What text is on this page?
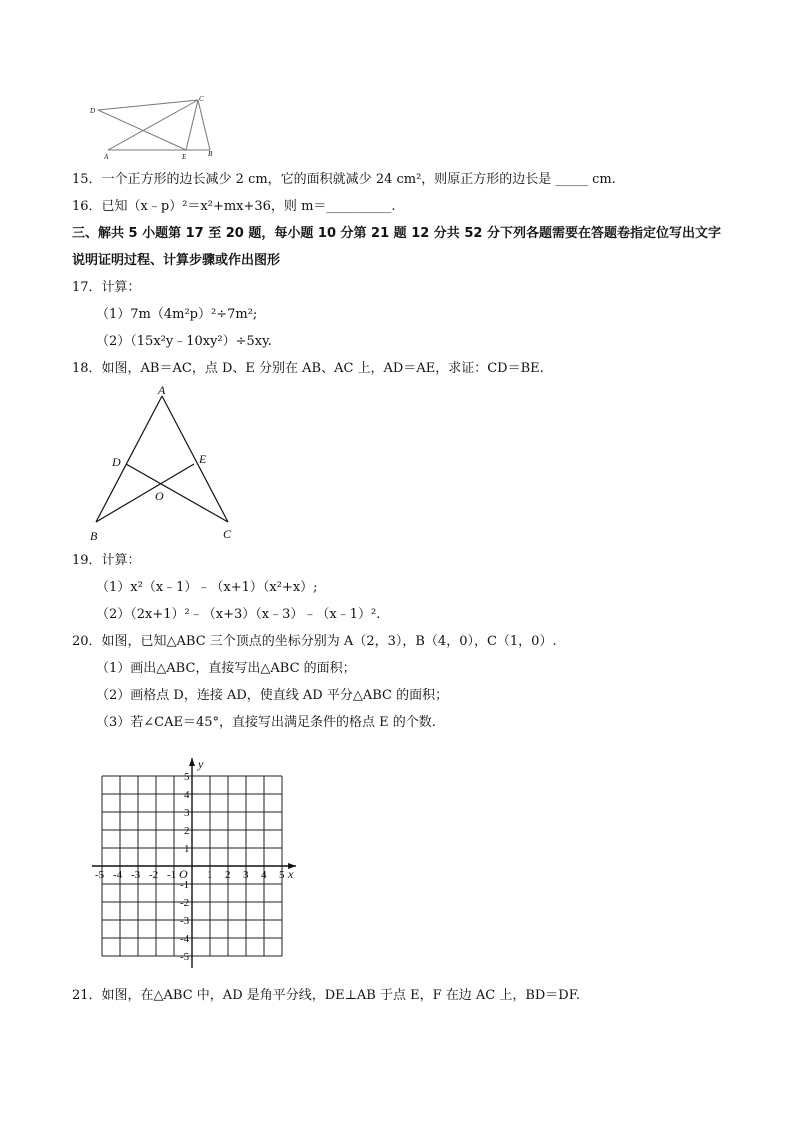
D
C
A	E	B
15．一个正方形的边长减少 2 cm，它的面积就减少 24 cm²，则原正方形的边长是 _____ cm.
16．已知（x﹣p）²＝x²+mx+36，则 m＝__________.
三、解共 5 小题第 17 至 20 题，每小题 10 分第 21 题 12 分共 52 分下列各题需要在答题卷指定位写出文字
说明证明过程、计算步骤或作出图形
17．计算：
（1）7m（4m²p）²÷7m²;
（2）（15x²y﹣10xy²）÷5xy.
18．如图，AB＝AC，点 D、E 分别在 AB、AC 上，AD＝AE，求证：CD＝BE.
A
D	E
O
B	C
19．计算：
（1）x²（x﹣1）﹣（x+1）（x²+x）;
（2）（2x+1）²﹣（x+3）（x﹣3）﹣（x﹣1）².
20．如图，已知△ABC 三个顶点的坐标分别为 A（2，3），B（4，0），C（1，0）.
（1）画出△ABC，直接写出△ABC 的面积；
（2）画格点 D，连接 AD，使直线 AD 平分△ABC 的面积；
（3）若∠CAE＝45°，直接写出满足条件的格点 E 的个数.
x
y
O
-5 -4 -3 -2 -1	1 2 3 4 5
5
4
3
2
1
-1
-2
-3
-4
-5
21．如图，在△ABC 中，AD 是角平分线，DE⊥AB 于点 E，F 在边 AC 上，BD＝DF.
